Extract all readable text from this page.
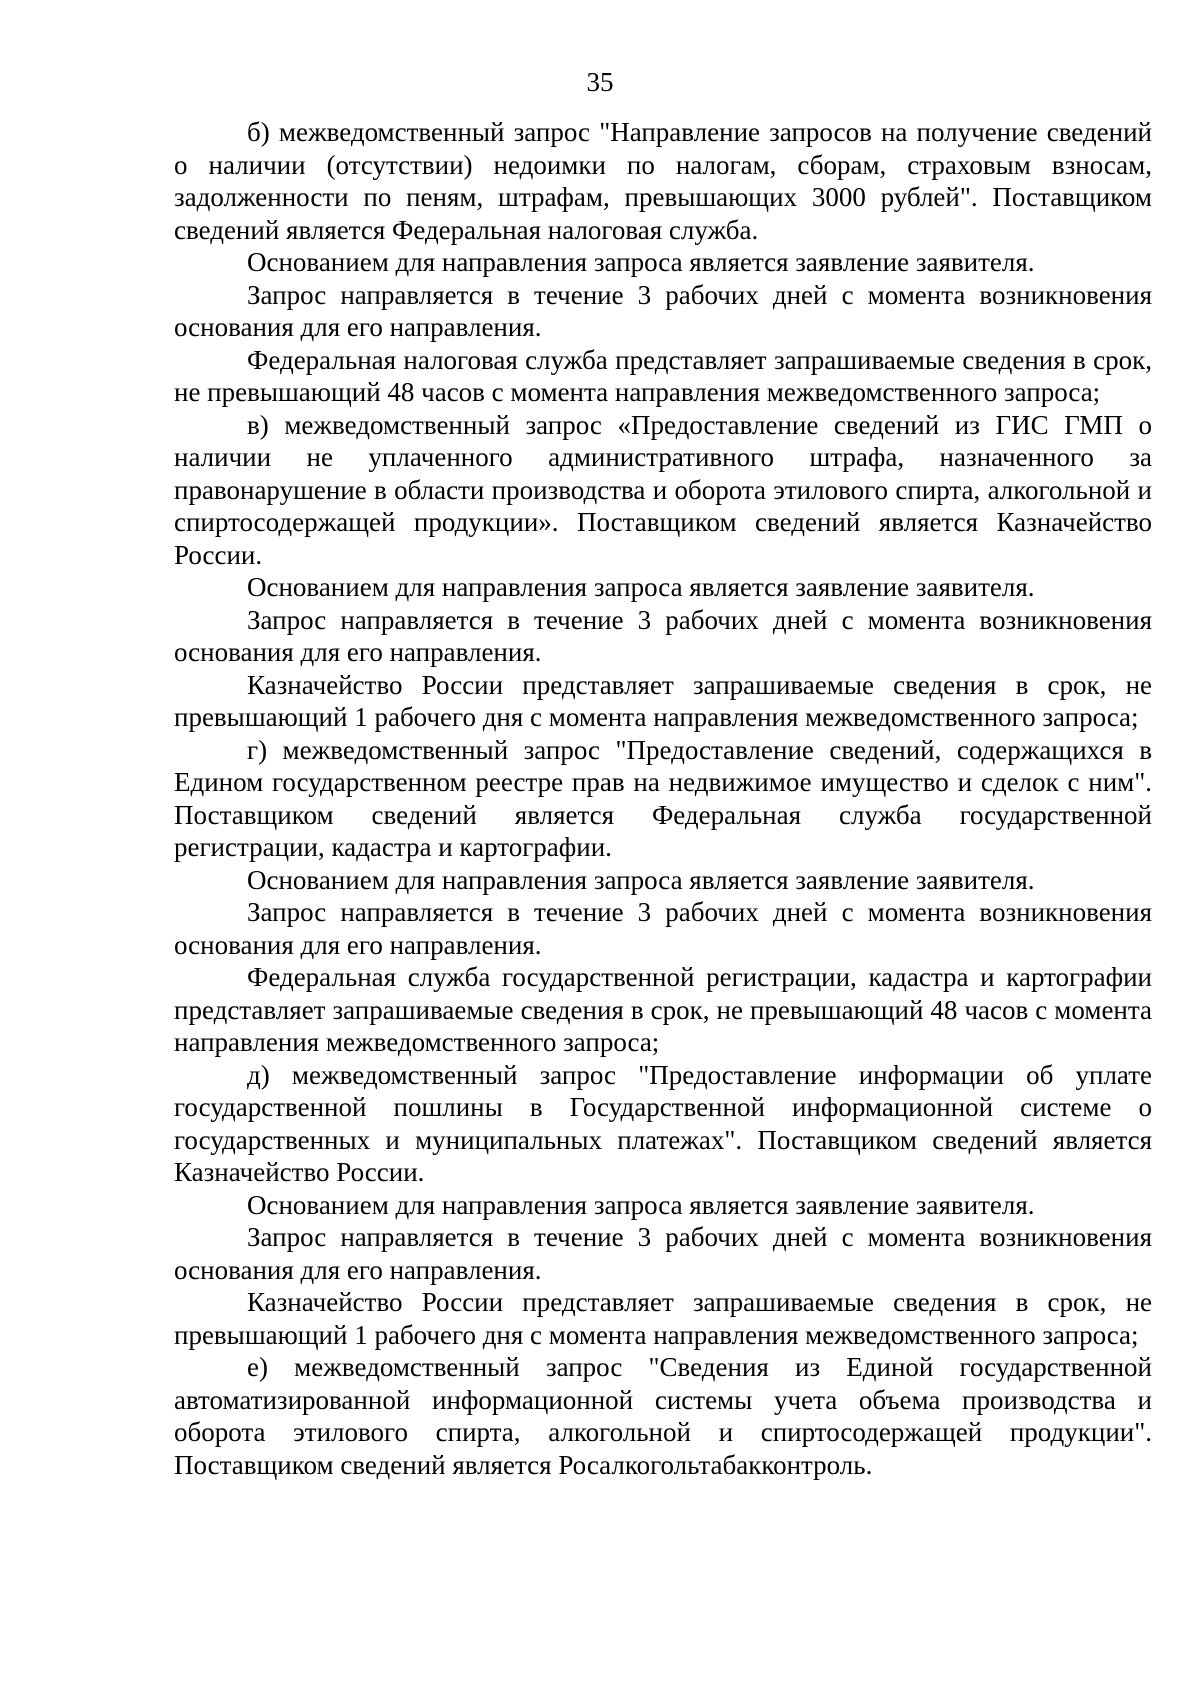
35

б) межведомственный запрос "Направление запросов на получение сведений о наличии (отсутствии) недоимки по налогам, сборам, страховым взносам, задолженности по пеням, штрафам, превышающих 3000 рублей". Поставщиком сведений является Федеральная налоговая служба.

Основанием для направления запроса является заявление заявителя.

Запрос направляется в течение 3 рабочих дней с момента возникновения основания для его направления.

Федеральная налоговая служба представляет запрашиваемые сведения в срок, не превышающий 48 часов с момента направления межведомственного запроса;

в) межведомственный запрос «Предоставление сведений из ГИС ГМП о наличии не уплаченного административного штрафа, назначенного за правонарушение в области производства и оборота этилового спирта, алкогольной и спиртосодержащей продукции». Поставщиком сведений является Казначейство России.

Основанием для направления запроса является заявление заявителя.

Запрос направляется в течение 3 рабочих дней с момента возникновения основания для его направления.

Казначейство России представляет запрашиваемые сведения в срок, не превышающий 1 рабочего дня с момента направления межведомственного запроса;

г) межведомственный запрос "Предоставление сведений, содержащихся в Едином государственном реестре прав на недвижимое имущество и сделок с ним". Поставщиком сведений является Федеральная служба государственной регистрации, кадастра и картографии.

Основанием для направления запроса является заявление заявителя.

Запрос направляется в течение 3 рабочих дней с момента возникновения основания для его направления.

Федеральная служба государственной регистрации, кадастра и картографии представляет запрашиваемые сведения в срок, не превышающий 48 часов с момента направления межведомственного запроса;

д) межведомственный запрос "Предоставление информации об уплате государственной пошлины в Государственной информационной системе о государственных и муниципальных платежах". Поставщиком сведений является Казначейство России.

Основанием для направления запроса является заявление заявителя.

Запрос направляется в течение 3 рабочих дней с момента возникновения основания для его направления.

Казначейство России представляет запрашиваемые сведения в срок, не превышающий 1 рабочего дня с момента направления межведомственного запроса;

е) межведомственный запрос "Сведения из Единой государственной автоматизированной информационной системы учета объема производства и оборота этилового спирта, алкогольной и спиртосодержащей продукции". Поставщиком сведений является Росалкогольтабакконтроль.
